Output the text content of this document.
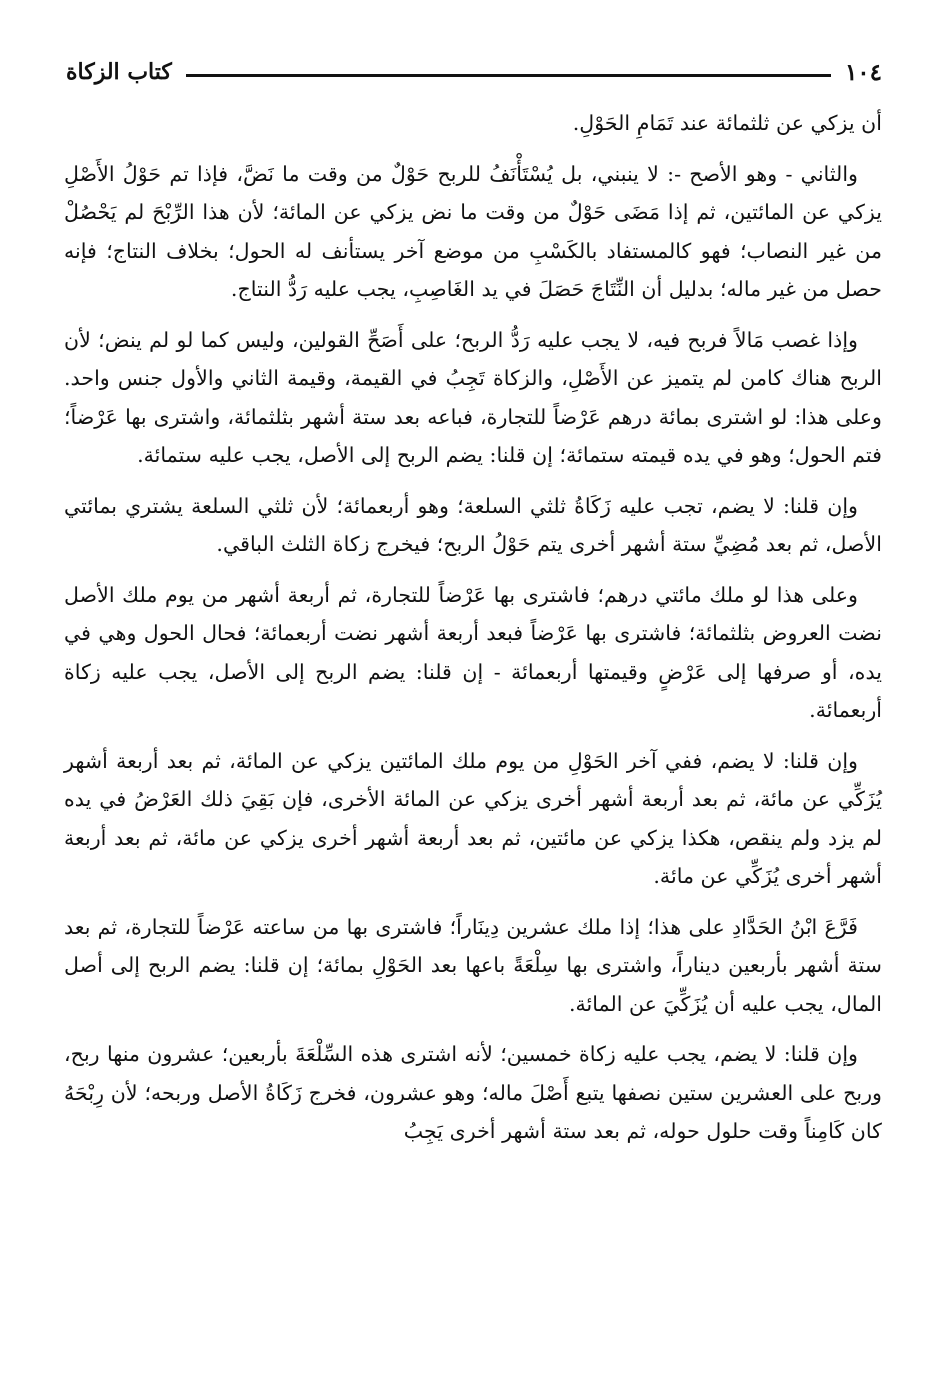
١٠٤
كتاب الزكاة

أن يزكي عن ثلثمائة عند تَمَامِ الحَوْلِ.

والثاني - وهو الأصح -: لا ينبني، بل يُسْتَأْنَفُ للربح حَوْلٌ من وقت ما نَضَّ، فإذا تم حَوْلُ الأَصْلِ يزكي عن المائتين، ثم إذا مَضَى حَوْلٌ من وقت ما نض يزكي عن المائة؛ لأن هذا الرِّبْحَ لم يَحْصُلْ من غير النصاب؛ فهو كالمستفاد بالكَسْبِ من موضع آخر يستأنف له الحول؛ بخلاف النتاج؛ فإنه حصل من غير ماله؛ بدليل أن النِّتَاجَ حَصَلَ في يد الغَاصِبِ، يجب عليه رَدُّ النتاج.

وإذا غصب مَالاً فربح فيه، لا يجب عليه رَدُّ الربح؛ على أَصَحِّ القولين، وليس كما لو لم ينض؛ لأن الربح هناك كامن لم يتميز عن الأَصْلِ، والزكاة تَجِبُ في القيمة، وقيمة الثاني والأول جنس واحد. وعلى هذا: لو اشترى بمائة درهم عَرْضاً للتجارة، فباعه بعد ستة أشهر بثلثمائة، واشترى بها عَرْضاً؛ فتم الحول؛ وهو في يده قيمته ستمائة؛ إن قلنا: يضم الربح إلى الأصل، يجب عليه ستمائة.

وإن قلنا: لا يضم، تجب عليه زَكَاةُ ثلثي السلعة؛ وهو أربعمائة؛ لأن ثلثي السلعة يشتري بمائتي الأصل، ثم بعد مُضِيِّ ستة أشهر أخرى يتم حَوْلُ الربح؛ فيخرج زكاة الثلث الباقي.

وعلى هذا لو ملك مائتي درهم؛ فاشترى بها عَرْضاً للتجارة، ثم أربعة أشهر من يوم ملك الأصل نضت العروض بثلثمائة؛ فاشترى بها عَرْضاً فبعد أربعة أشهر نضت أربعمائة؛ فحال الحول وهي في يده، أو صرفها إلى عَرْضٍ وقيمتها أربعمائة - إن قلنا: يضم الربح إلى الأصل، يجب عليه زكاة أربعمائة.

وإن قلنا: لا يضم، ففي آخر الحَوْلِ من يوم ملك المائتين يزكي عن المائة، ثم بعد أربعة أشهر يُزَكِّي عن مائة، ثم بعد أربعة أشهر أخرى يزكي عن المائة الأخرى، فإن بَقِيَ ذلك العَرْضُ في يده لم يزد ولم ينقص، هكذا يزكي عن مائتين، ثم بعد أربعة أشهر أخرى يزكي عن مائة، ثم بعد أربعة أشهر أخرى يُزَكِّي عن مائة.

فَرَّعَ ابْنُ الحَدَّادِ على هذا؛ إذا ملك عشرين دِينَاراً؛ فاشترى بها من ساعته عَرْضاً للتجارة، ثم بعد ستة أشهر بأربعين ديناراً، واشترى بها سِلْعَةً باعها بعد الحَوْلِ بمائة؛ إن قلنا: يضم الربح إلى أصل المال، يجب عليه أن يُزَكِّيَ عن المائة.

وإن قلنا: لا يضم، يجب عليه زكاة خمسين؛ لأنه اشترى هذه السِّلْعَةَ بأربعين؛ عشرون منها ربح، وربح على العشرين ستين نصفها يتبع أَصْلَ ماله؛ وهو عشرون، فخرج زَكَاةُ الأصل وربحه؛ لأن رِبْحَهُ كان كَامِناً وقت حلول حوله، ثم بعد ستة أشهر أخرى يَجِبُ
